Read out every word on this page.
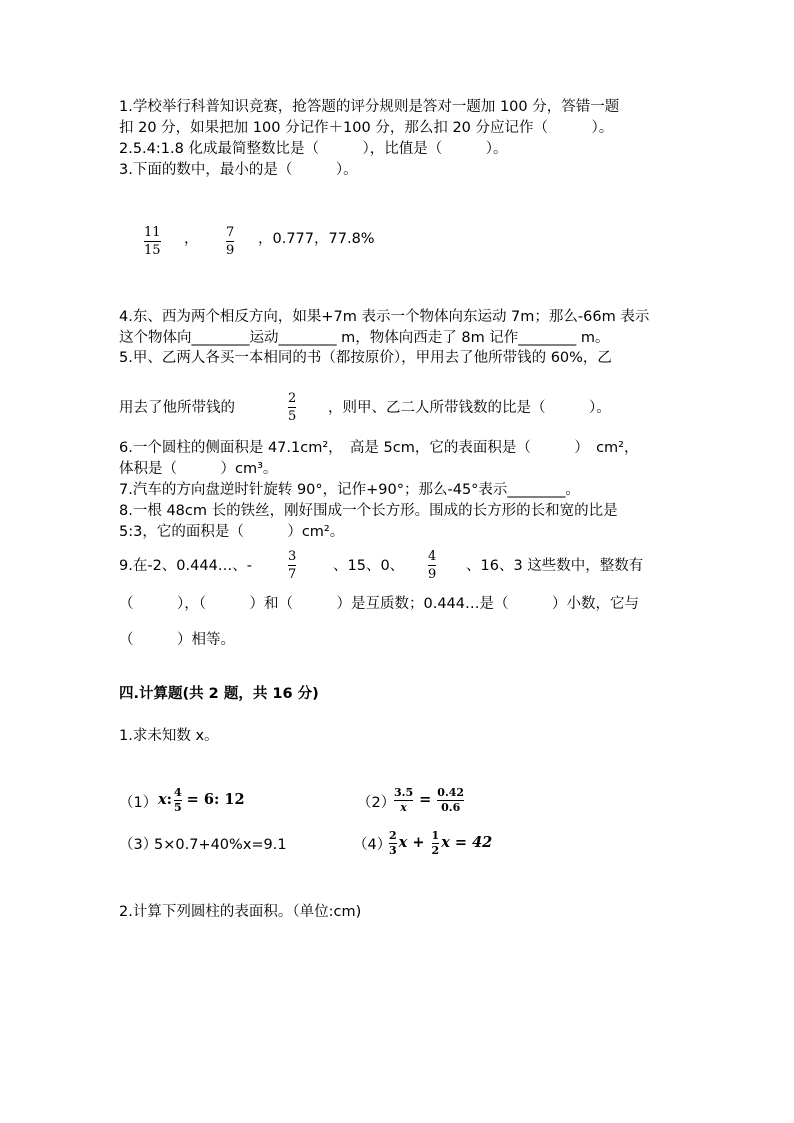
1.学校举行科普知识竞赛，抢答题的评分规则是答对一题加 100 分，答错一题
扣 20 分，如果把加 100 分记作＋100 分，那么扣 20 分应记作（　　　）。
2.5.4:1.8 化成最简整数比是（　　　），比值是（　　　）。
3.下面的数中，最小的是（　　　）。
11
15
， 7
9
，0.777，77.8%
4.东、西为两个相反方向，如果+7m 表示一个物体向东运动 7m；那么-66m 表示
这个物体向________运动________ m，物体向西走了 8m 记作________ m。
5.甲、乙两人各买一本相同的书（都按原价），甲用去了他所带钱的 60%，乙
用去了他所带钱的
2
5
，则甲、乙二人所带钱数的比是（　　　）。
6.一个圆柱的侧面积是 47.1cm²，　高是 5cm，它的表面积是（　　　）　cm²，
体积是（　　　）cm³。
7.汽车的方向盘逆时针旋转 90°，记作+90°；那么-45°表示________。
8.一根 48cm 长的铁丝，刚好围成一个长方形。围成的长方形的长和宽的比是
5:3，它的面积是（　　　）cm²。
9.在-2、0.444…、-
3
7
、15、0、
4
9
、16、3 这些数中，整数有
（　　　），（　　　）和（　　　）是互质数；0.444…是（　　　）小数，它与
（　　　）相等。
四.计算题(共 2 题，共 16 分)
1.求未知数 x。
（1） x: $\frac{4}{5} = 6$: 12	（2）
$\frac{3.5}{x} = \frac{0.42}{0.6}$
（3）
5×0.7+40%x=9.1	（4）
$\frac{2}{3}$ $x + \frac{1}{2}$ x = 42
2.计算下列圆柱的表面积。（单位:cm)
